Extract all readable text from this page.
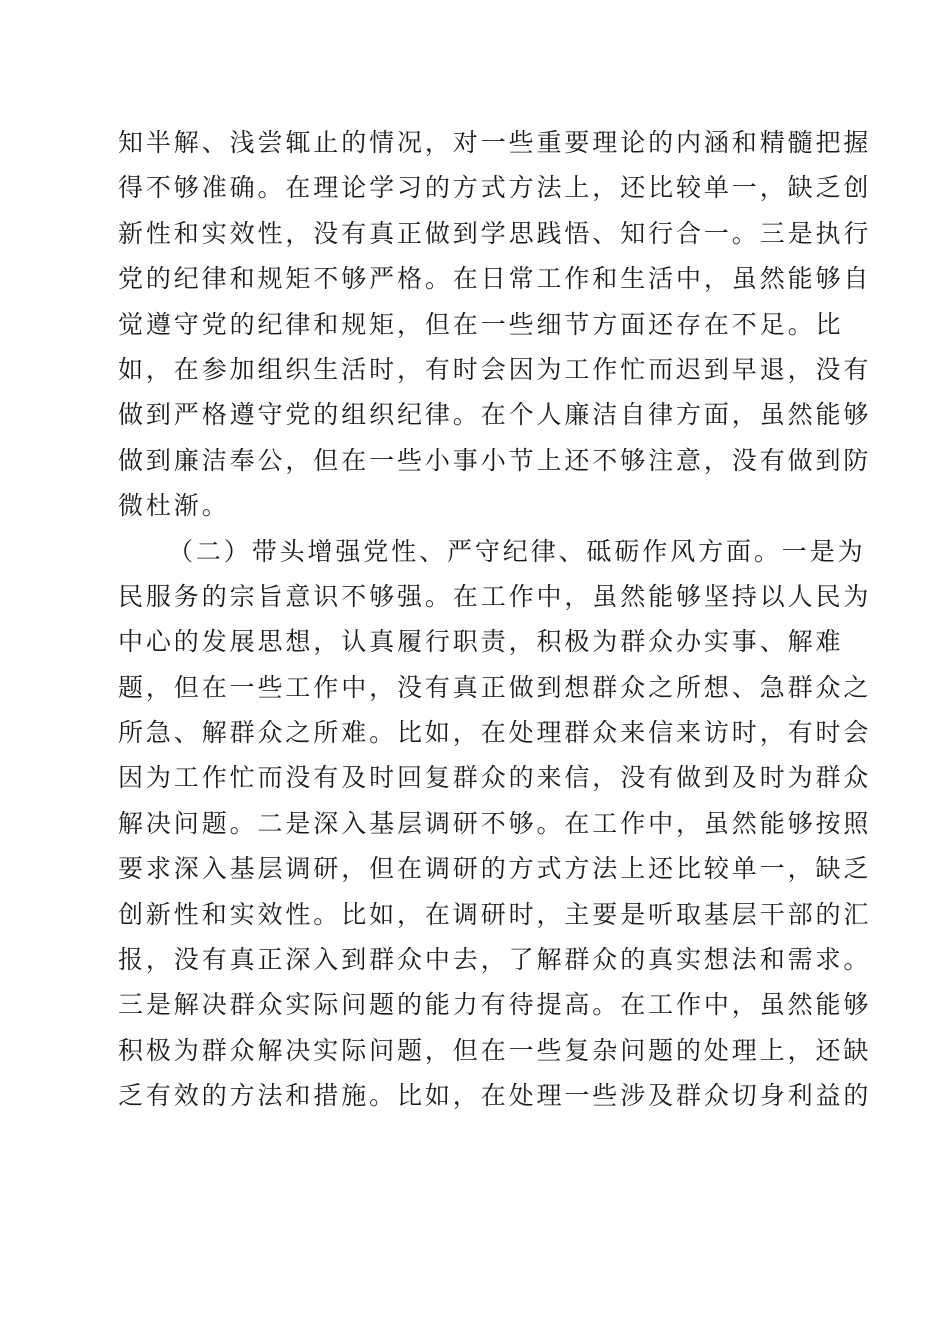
知半解、浅尝辄止的情况，对一些重要理论的内涵和精髓把握
得不够准确。在理论学习的方式方法上，还比较单一，缺乏创
新性和实效性，没有真正做到学思践悟、知行合一。三是执行
党的纪律和规矩不够严格。在日常工作和生活中，虽然能够自
觉遵守党的纪律和规矩，但在一些细节方面还存在不足。比
如，在参加组织生活时，有时会因为工作忙而迟到早退，没有
做到严格遵守党的组织纪律。在个人廉洁自律方面，虽然能够
做到廉洁奉公，但在一些小事小节上还不够注意，没有做到防
微杜渐。
（二）带头增强党性、严守纪律、砥砺作风方面。一是为
民服务的宗旨意识不够强。在工作中，虽然能够坚持以人民为
中心的发展思想，认真履行职责，积极为群众办实事、解难
题，但在一些工作中，没有真正做到想群众之所想、急群众之
所急、解群众之所难。比如，在处理群众来信来访时，有时会
因为工作忙而没有及时回复群众的来信，没有做到及时为群众
解决问题。二是深入基层调研不够。在工作中，虽然能够按照
要求深入基层调研，但在调研的方式方法上还比较单一，缺乏
创新性和实效性。比如，在调研时，主要是听取基层干部的汇
报，没有真正深入到群众中去，了解群众的真实想法和需求。
三是解决群众实际问题的能力有待提高。在工作中，虽然能够
积极为群众解决实际问题，但在一些复杂问题的处理上，还缺
乏有效的方法和措施。比如，在处理一些涉及群众切身利益的
